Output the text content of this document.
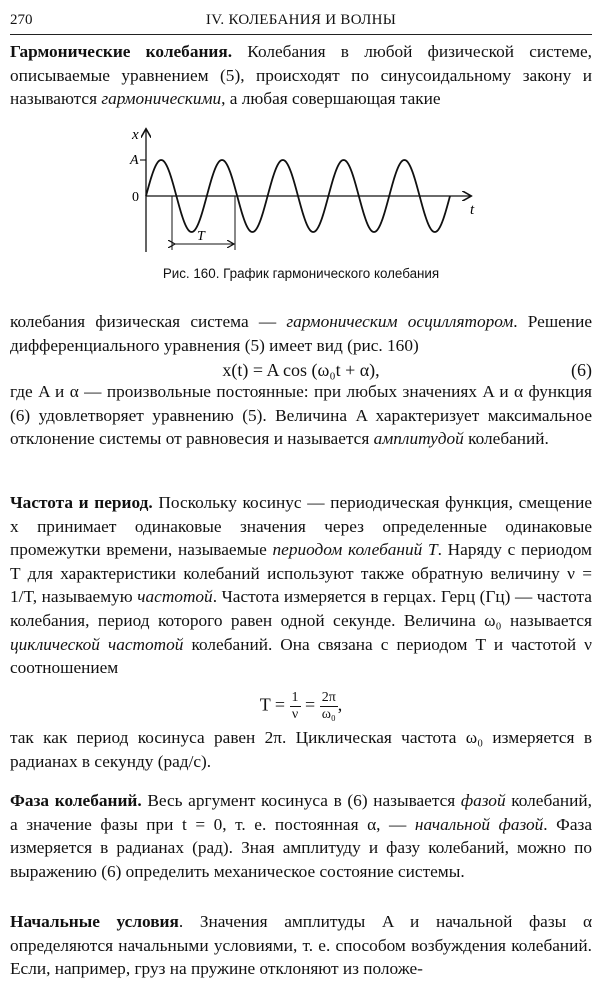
270	IV. КОЛЕБАНИЯ И ВОЛНЫ

Гармонические колебания. Колебания в любой физической системе, описываемые уравнением (5), происходят по синусоидальному закону и называются гармоническими, а любая совершающая такие

x
A
0
t
T
Рис. 160. График гармонического колебания

колебания физическая система — гармоническим осциллятором. Решение дифференциального уравнения (5) имеет вид (рис. 160)

x(t) = A cos (ω₀t + α),	(6)

где A и α — произвольные постоянные: при любых значениях A и α функция (6) удовлетворяет уравнению (5). Величина A характеризует максимальное отклонение системы от равновесия и называется амплитудой колебаний.

Частота и период. Поскольку косинус — периодическая функция, смещение x принимает одинаковые значения через определенные одинаковые промежутки времени, называемые периодом колебаний T. Наряду с периодом T для характеристики колебаний используют также обратную величину ν = 1/T, называемую частотой. Частота измеряется в герцах. Герц (Гц) — частота колебания, период которого равен одной секунде. Величина ω₀ называется циклической частотой колебаний. Она связана с периодом T и частотой ν соотношением

$T = \frac{1}{\nu} = \frac{2\pi}{\text{ω₀}}$ ,

так как период косинуса равен 2π. Циклическая частота ω₀ измеряется в радианах в секунду (рад/с).

Фаза колебаний. Весь аргумент косинуса в (6) называется фазой колебаний, а значение фазы при t = 0, т. е. постоянная α, — начальной фазой. Фаза измеряется в радианах (рад). Зная амплитуду и фазу колебаний, можно по выражению (6) определить механическое состояние системы.

Начальные условия. Значения амплитуды A и начальной фазы α определяются начальными условиями, т. е. способом возбуждения колебаний. Если, например, груз на пружине отклоняют из положе-
